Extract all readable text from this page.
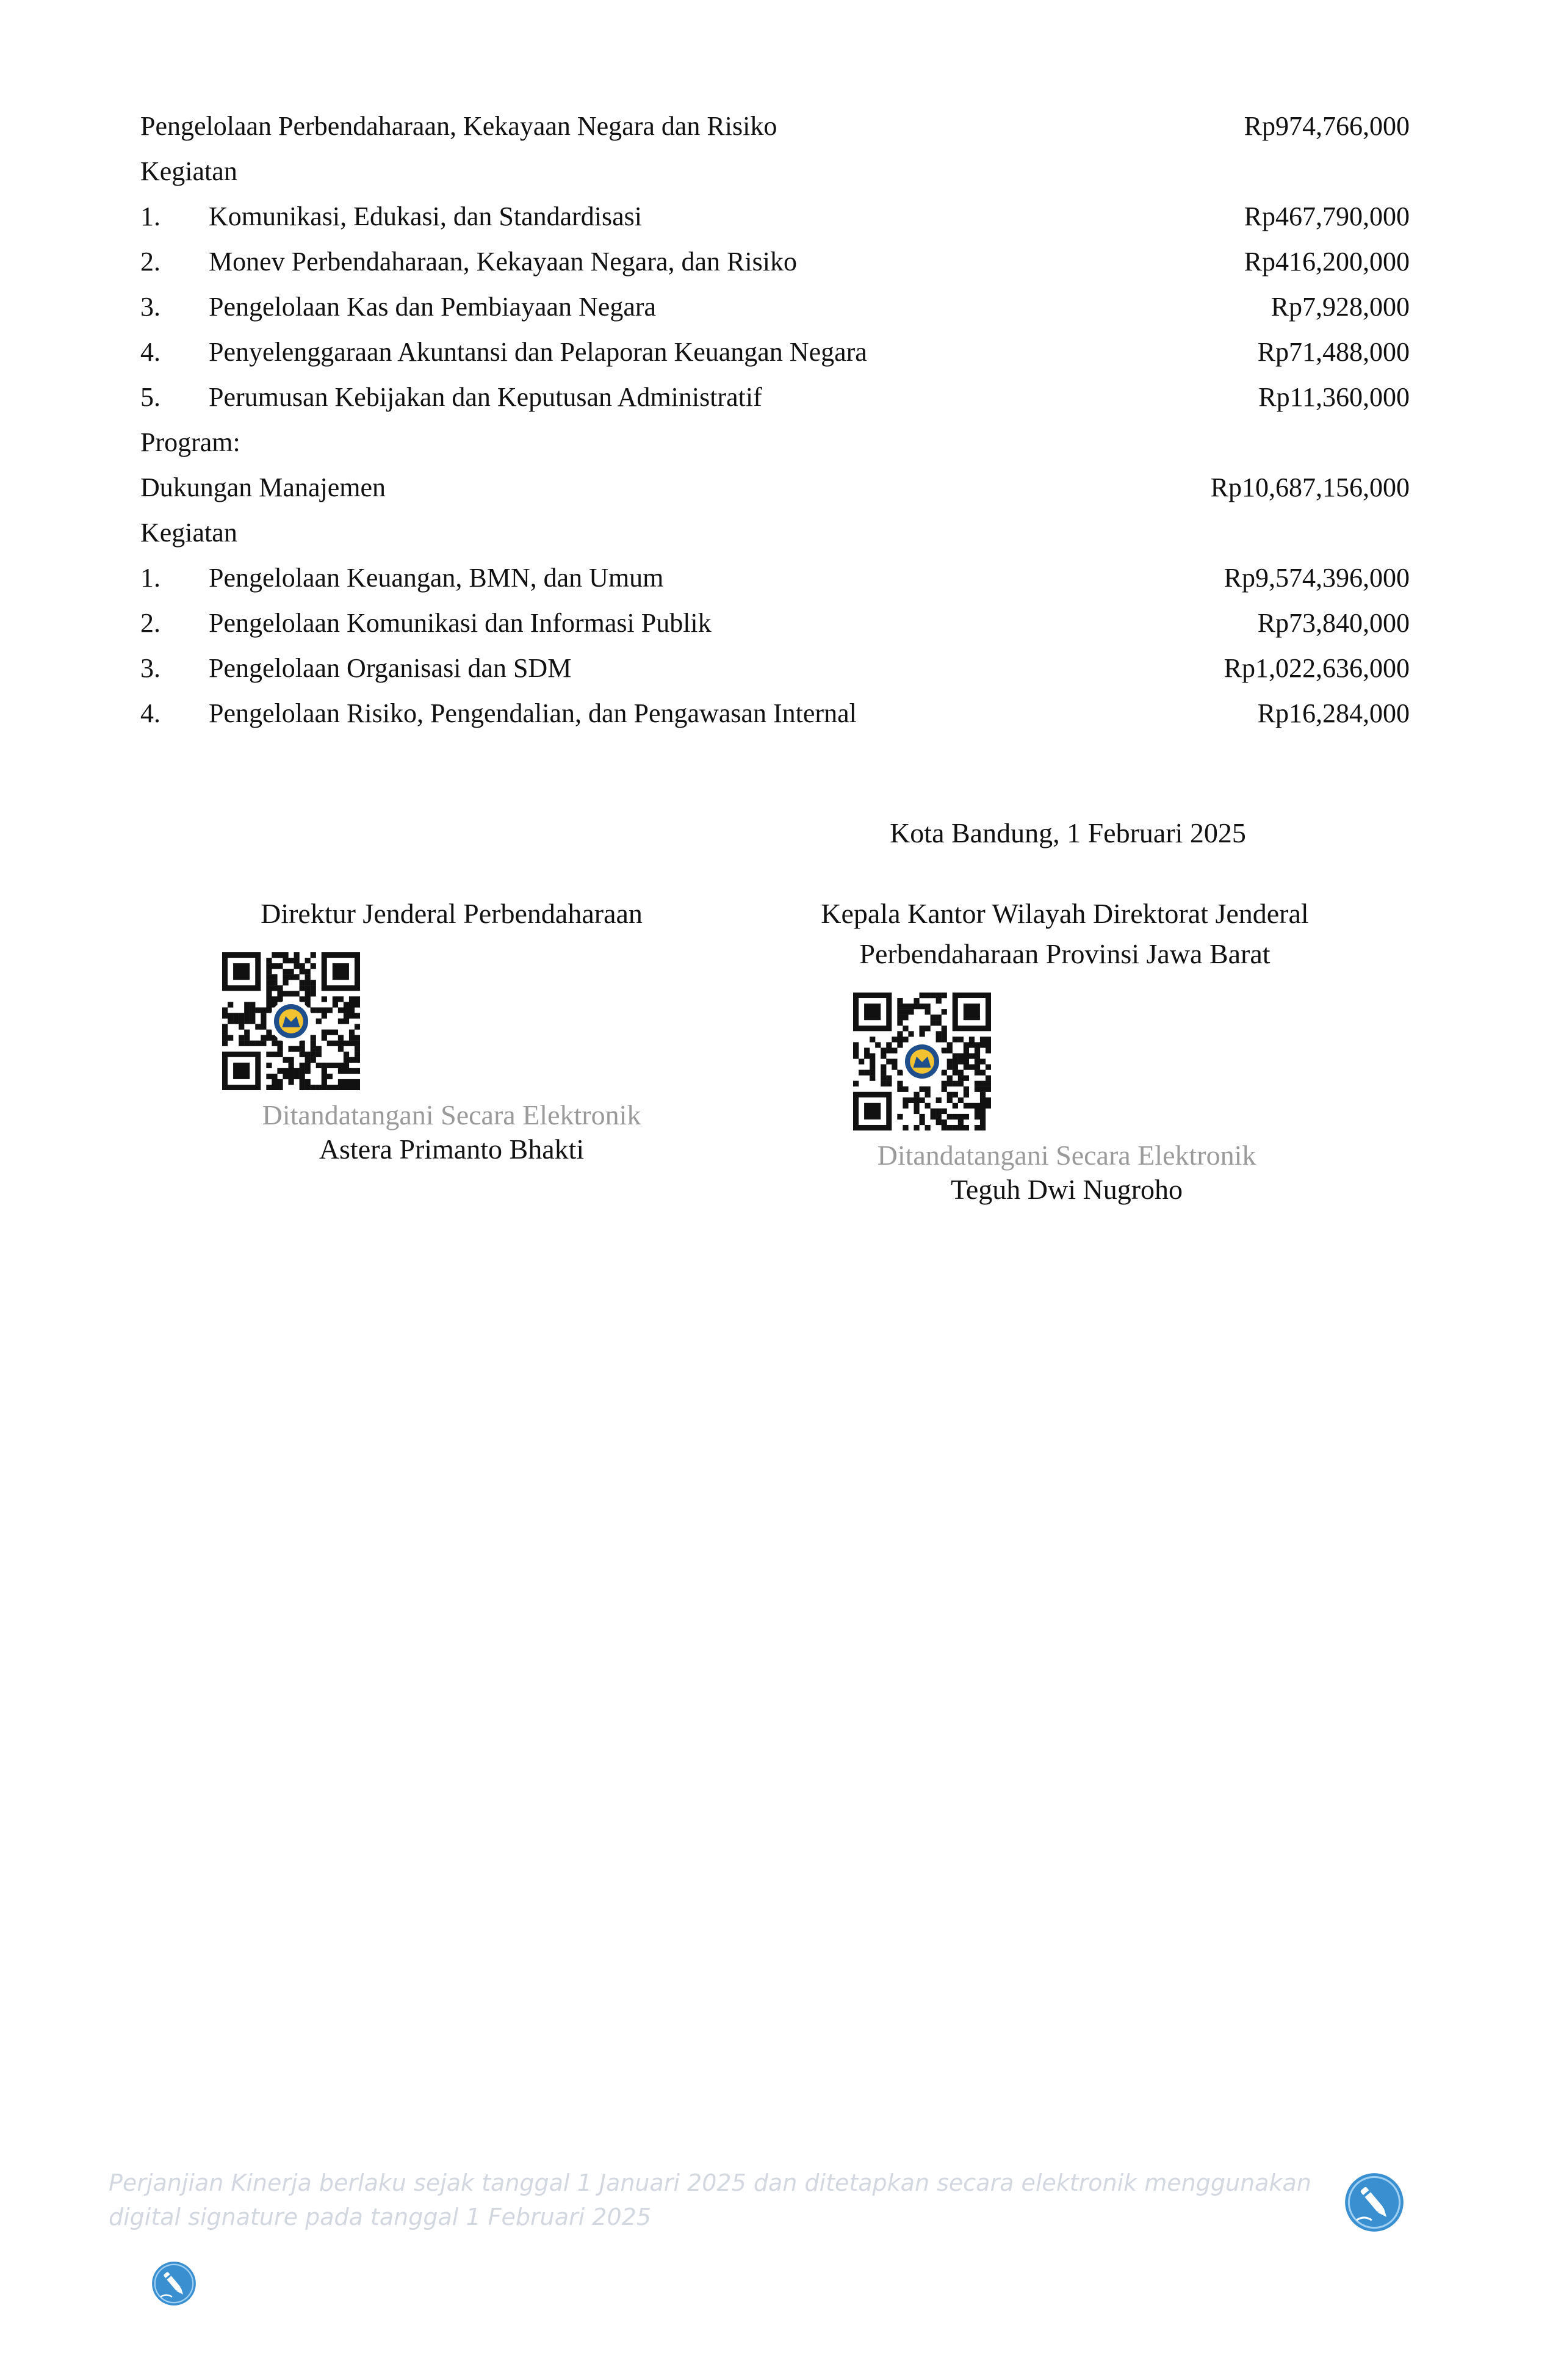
Pengelolaan Perbendaharaan, Kekayaan Negara dan Risiko	Rp974,766,000
Kegiatan
1. Komunikasi, Edukasi, dan Standardisasi	Rp467,790,000
2. Monev Perbendaharaan, Kekayaan Negara, dan Risiko	Rp416,200,000
3. Pengelolaan Kas dan Pembiayaan Negara	Rp7,928,000
4. Penyelenggaraan Akuntansi dan Pelaporan Keuangan Negara	Rp71,488,000
5. Perumusan Kebijakan dan Keputusan Administratif	Rp11,360,000
Program:
Dukungan Manajemen	Rp10,687,156,000
Kegiatan
1. Pengelolaan Keuangan, BMN, dan Umum	Rp9,574,396,000
2. Pengelolaan Komunikasi dan Informasi Publik	Rp73,840,000
3. Pengelolaan Organisasi dan SDM	Rp1,022,636,000
4. Pengelolaan Risiko, Pengendalian, dan Pengawasan Internal	Rp16,284,000
Kota Bandung, 1 Februari 2025
Direktur Jenderal Perbendaharaan
Ditandatangani Secara Elektronik
Astera Primanto Bhakti
Kepala Kantor Wilayah Direktorat Jenderal
Perbendaharaan Provinsi Jawa Barat
Ditandatangani Secara Elektronik
Teguh Dwi Nugroho
Perjanjian Kinerja berlaku sejak tanggal 1 Januari 2025 dan ditetapkan secara elektronik menggunakan
digital signature pada tanggal 1 Februari 2025
